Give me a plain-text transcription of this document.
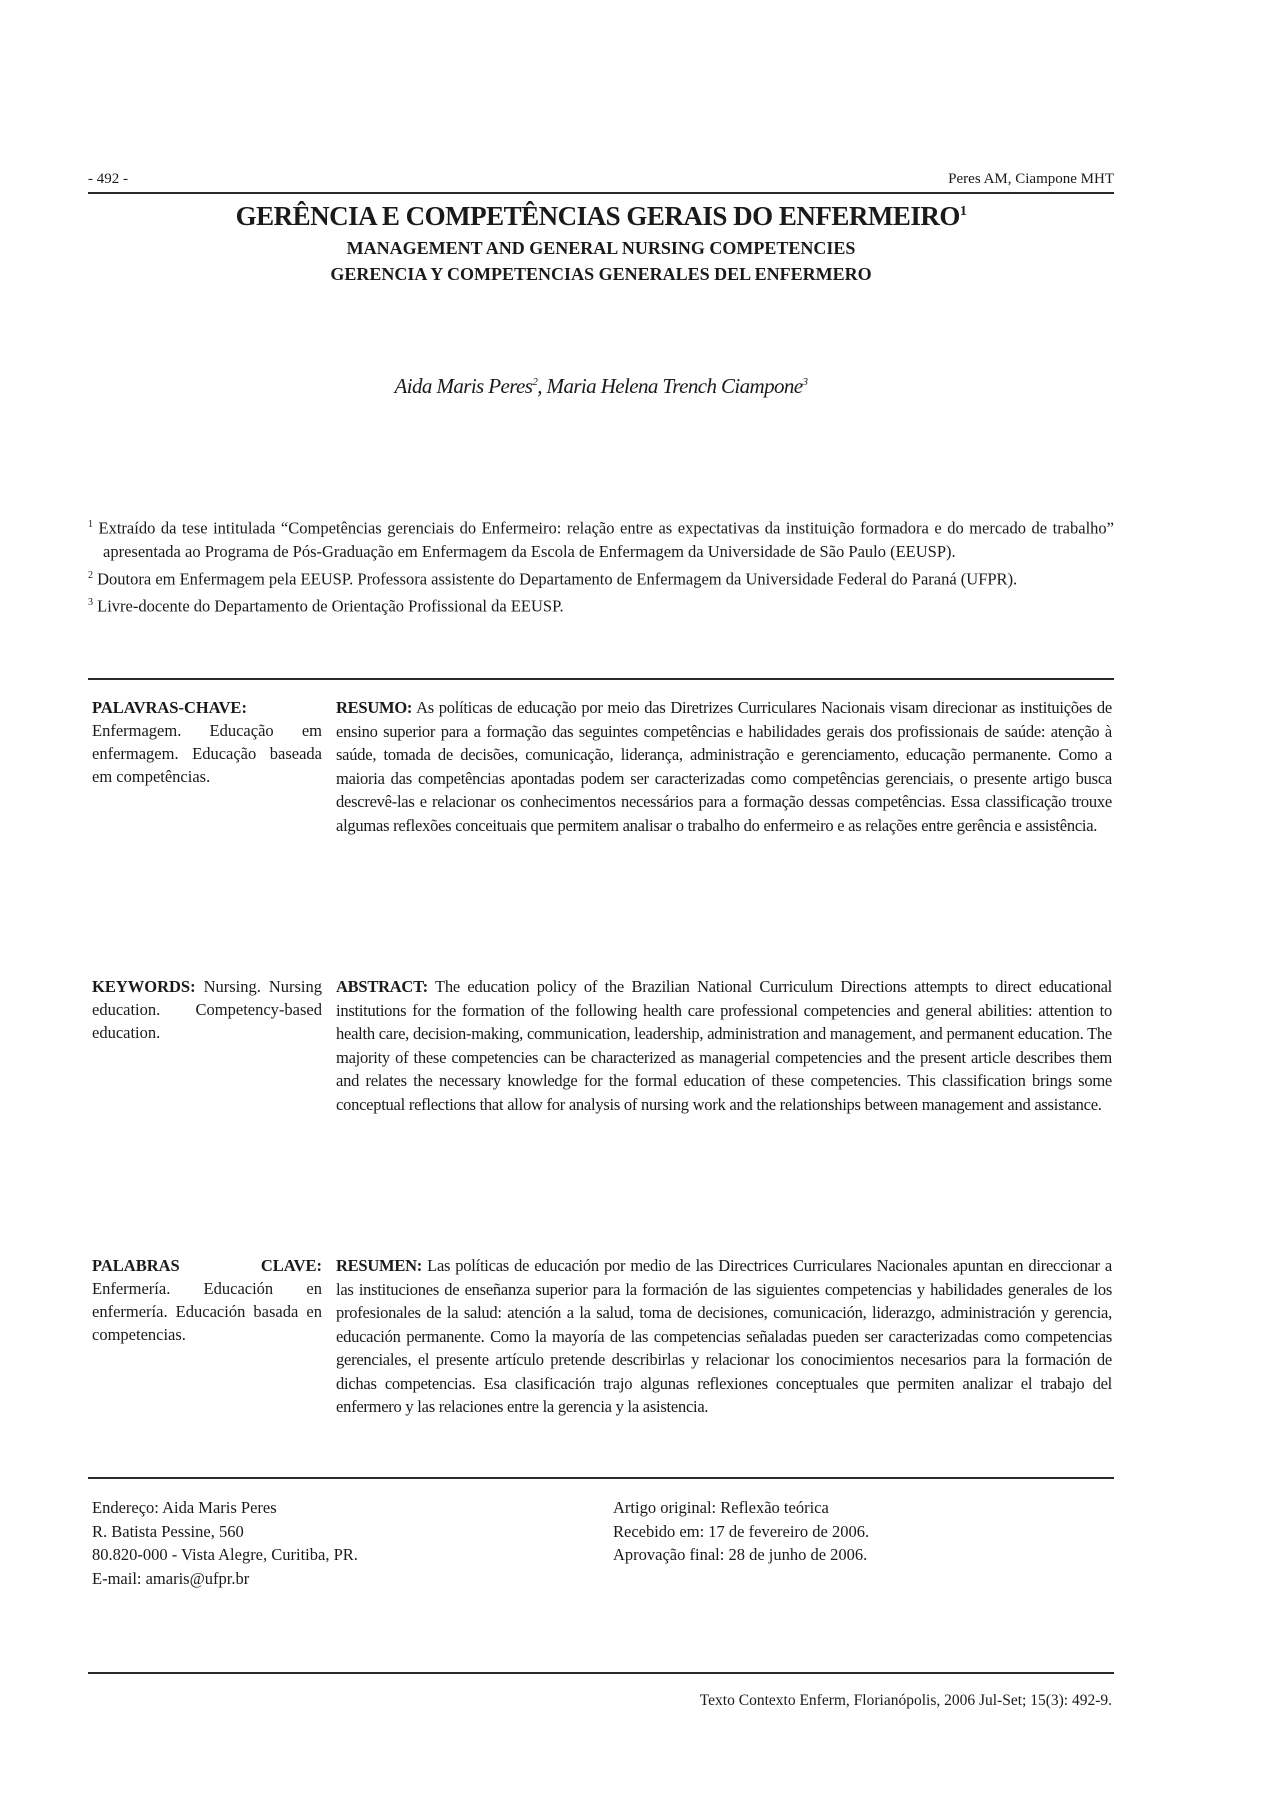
- 492 -	Peres AM, Ciampone MHT
GERÊNCIA E COMPETÊNCIAS GERAIS DO ENFERMEIRO$^1$
MANAGEMENT AND GENERAL NURSING COMPETENCIES
GERENCIA Y COMPETENCIAS GENERALES DEL ENFERMERO
Aida Maris Peres$^2$, Maria Helena Trench Ciampone$^3$

$^1$ Extraído da tese intitulada “Competências gerenciais do Enfermeiro: relação entre as expectativas da instituição formadora e do mercado de trabalho” apresentada ao Programa de Pós-Graduação em Enfermagem da Escola de Enfermagem da Universidade de São Paulo (EEUSP).

$^2$ Doutora em Enfermagem pela EEUSP. Professora assistente do Departamento de Enfermagem da Universidade Federal do Paraná (UFPR).

$^3$ Livre-docente do Departamento de Orientação Profissional da EEUSP.

PALAVRAS-CHAVE: Enfermagem. Educação em enfermagem. Educação baseada em competências.
RESUMO: As políticas de educação por meio das Diretrizes Curriculares Nacionais visam direcionar as instituições de ensino superior para a formação das seguintes competências e habilidades gerais dos profissionais de saúde: atenção à saúde, tomada de decisões, comunicação, liderança, administração e gerenciamento, educação permanente. Como a maioria das competências apontadas podem ser caracterizadas como competências gerenciais, o presente artigo busca descrevê-las e relacionar os conhecimentos necessários para a formação dessas competências. Essa classificação trouxe algumas reflexões conceituais que permitem analisar o trabalho do enfermeiro e as relações entre gerência e assistência.
KEYWORDS: Nursing. Nursing education. Competency-based education.
ABSTRACT: The education policy of the Brazilian National Curriculum Directions attempts to direct educational institutions for the formation of the following health care professional competencies and general abilities: attention to health care, decision-making, communication, leadership, administration and management, and permanent education. The majority of these competencies can be characterized as managerial competencies and the present article describes them and relates the necessary knowledge for the formal education of these competencies. This classification brings some conceptual reflections that allow for analysis of nursing work and the relationships between management and assistance.
PALABRAS CLAVE: Enfermería. Educación en enfermería. Educación basada en competencias.
RESUMEN: Las políticas de educación por medio de las Directrices Curriculares Nacionales apuntan en direccionar a las instituciones de enseñanza superior para la formación de las siguientes competencias y habilidades generales de los profesionales de la salud: atención a la salud, toma de decisiones, comunicación, liderazgo, administración y gerencia, educación permanente. Como la mayoría de las competencias señaladas pueden ser caracterizadas como competencias gerenciales, el presente artículo pretende describirlas y relacionar los conocimientos necesarios para la formación de dichas competencias. Esa clasificación trajo algunas reflexiones conceptuales que permiten analizar el trabajo del enfermero y las relaciones entre la gerencia y la asistencia.
Endereço: Aida Maris Peres
R. Batista Pessine, 560
80.820-000 - Vista Alegre, Curitiba, PR.
E-mail: amaris@ufpr.br
Artigo original: Reflexão teórica
Recebido em: 17 de fevereiro de 2006.
Aprovação final: 28 de junho de 2006.
Texto Contexto Enferm, Florianópolis, 2006 Jul-Set; 15(3): 492-9.
